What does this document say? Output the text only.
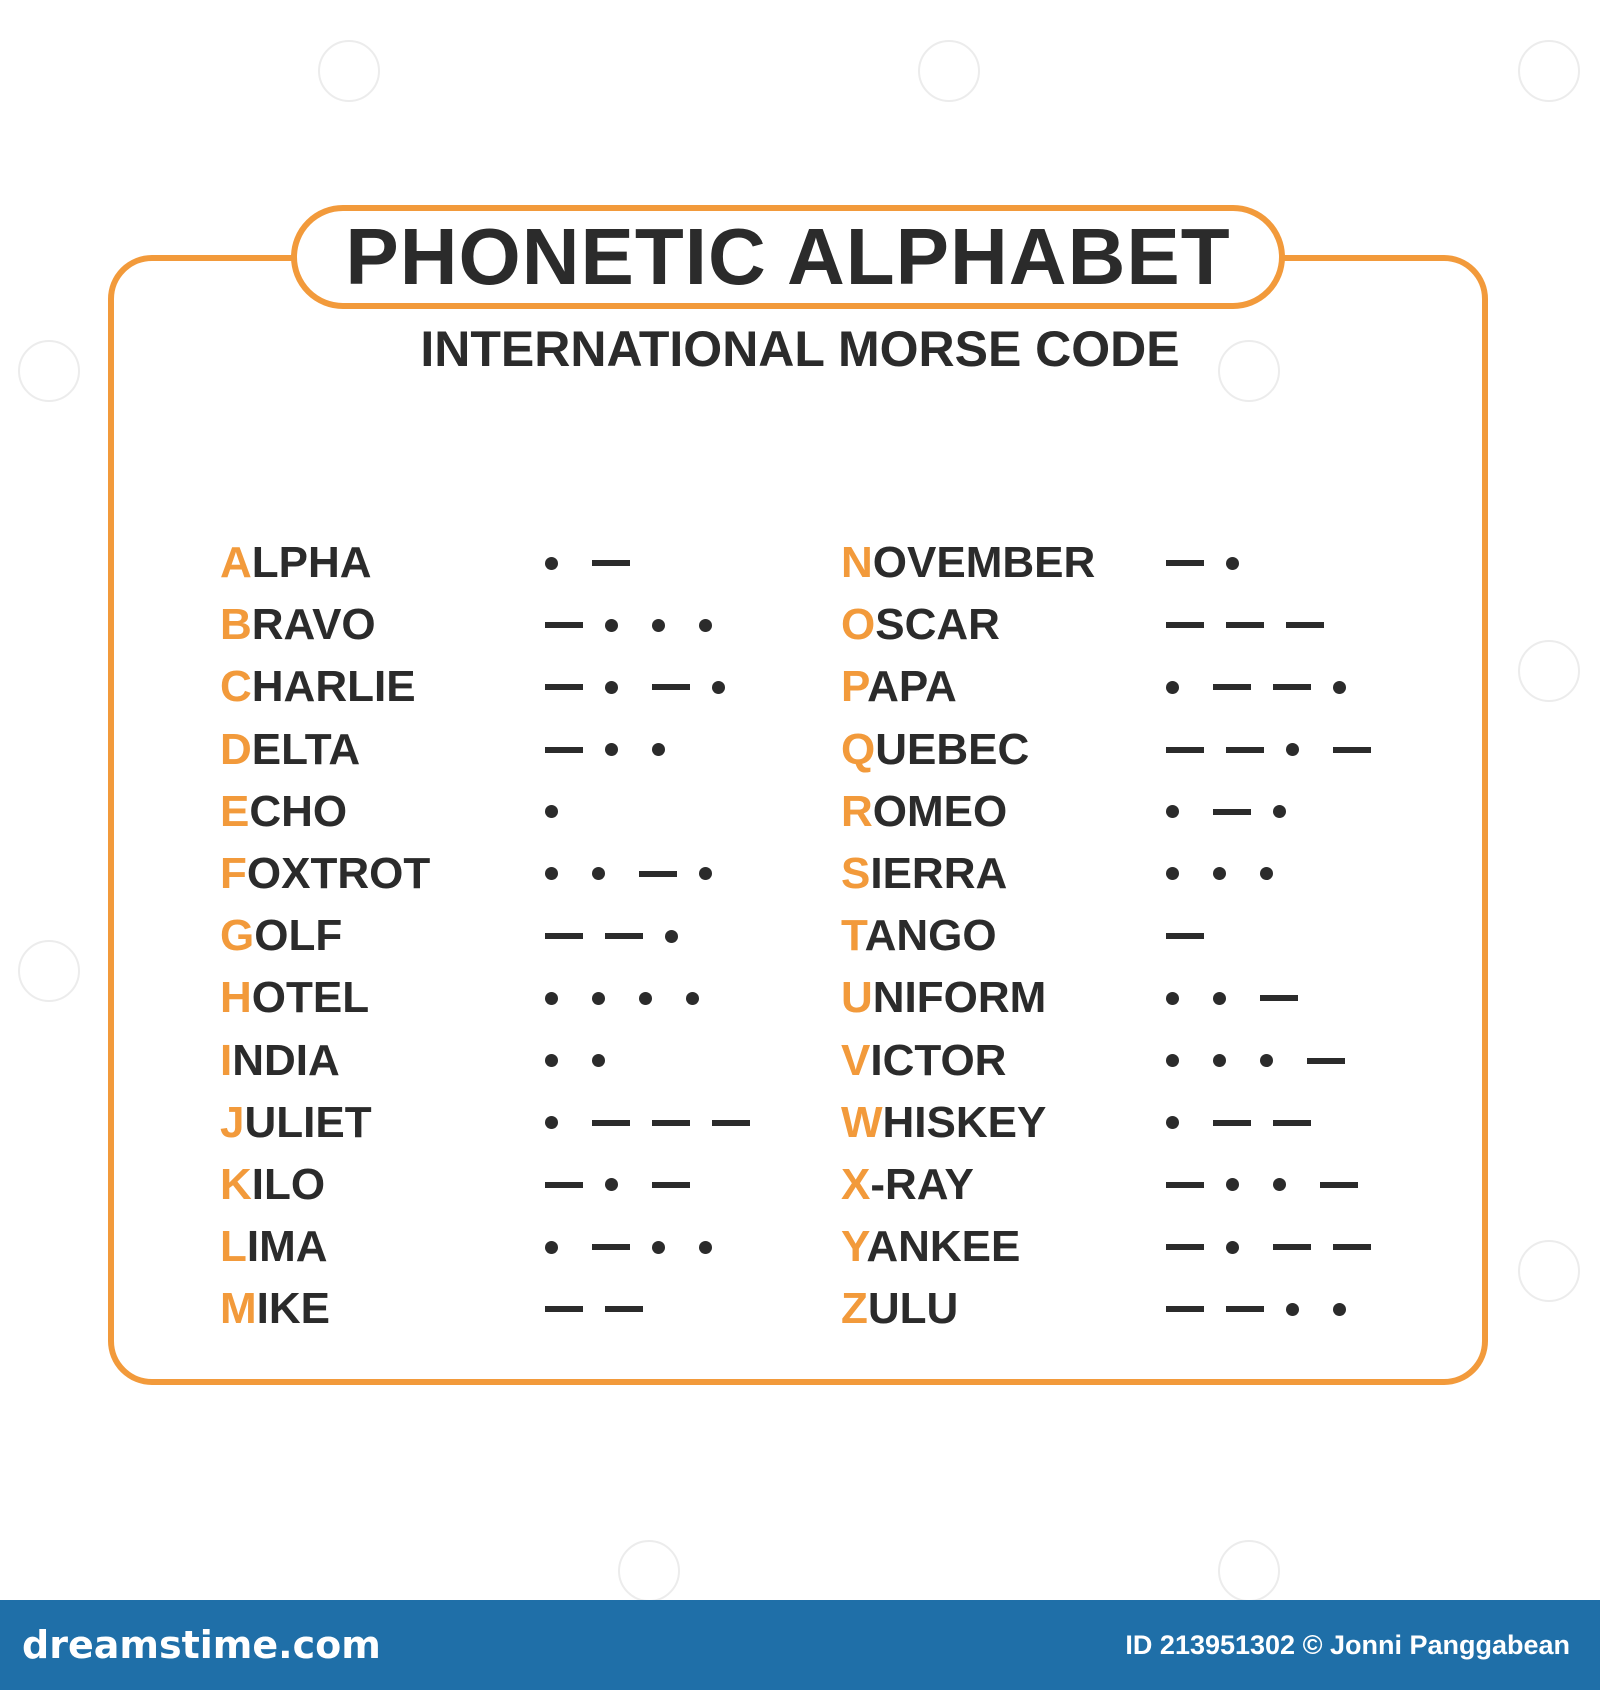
PHONETIC ALPHABET
INTERNATIONAL MORSE CODE
ALPHA
BRAVO
CHARLIE
DELTA
ECHO
FOXTROT
GOLF
HOTEL
INDIA
JULIET
KILO
LIMA
MIKE
NOVEMBER
OSCAR
PAPA
QUEBEC
ROMEO
SIERRA
TANGO
UNIFORM
VICTOR
WHISKEY
X-RAY
YANKEE
ZULU
dreamstime.com	ID 213951302 © Jonni Panggabean
